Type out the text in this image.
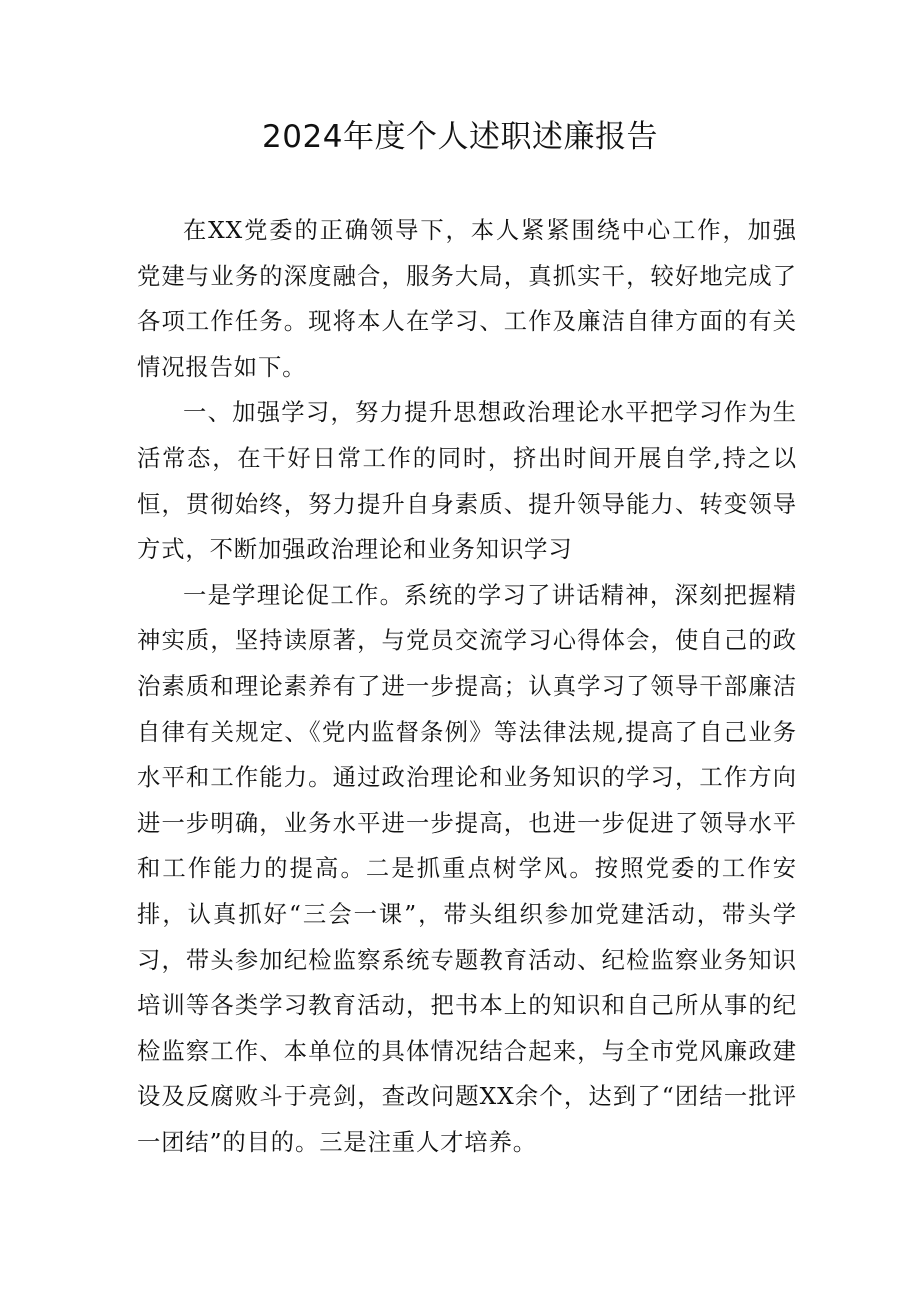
2024年度个人述职述廉报告

在XX党委的正确领导下，本人紧紧围绕中心工作，加强党建与业务的深度融合，服务大局，真抓实干，较好地完成了各项工作任务。现将本人在学习、工作及廉洁自律方面的有关情况报告如下。

一、加强学习，努力提升思想政治理论水平把学习作为生活常态，在干好日常工作的同时，挤出时间开展自学,持之以恒，贯彻始终，努力提升自身素质、提升领导能力、转变领导方式，不断加强政治理论和业务知识学习

一是学理论促工作。系统的学习了讲话精神，深刻把握精神实质，坚持读原著，与党员交流学习心得体会，使自己的政治素质和理论素养有了进一步提高；认真学习了领导干部廉洁自律有关规定、《党内监督条例》等法律法规,提高了自己业务水平和工作能力。通过政治理论和业务知识的学习，工作方向进一步明确，业务水平进一步提高，也进一步促进了领导水平和工作能力的提高。二是抓重点树学风。按照党委的工作安排，认真抓好“三会一课”，带头组织参加党建活动，带头学习，带头参加纪检监察系统专题教育活动、纪检监察业务知识培训等各类学习教育活动，把书本上的知识和自己所从事的纪检监察工作、本单位的具体情况结合起来，与全市党风廉政建设及反腐败斗于亮剑，查改问题XX余个，达到了“团结一批评一团结”的目的。三是注重人才培养。
